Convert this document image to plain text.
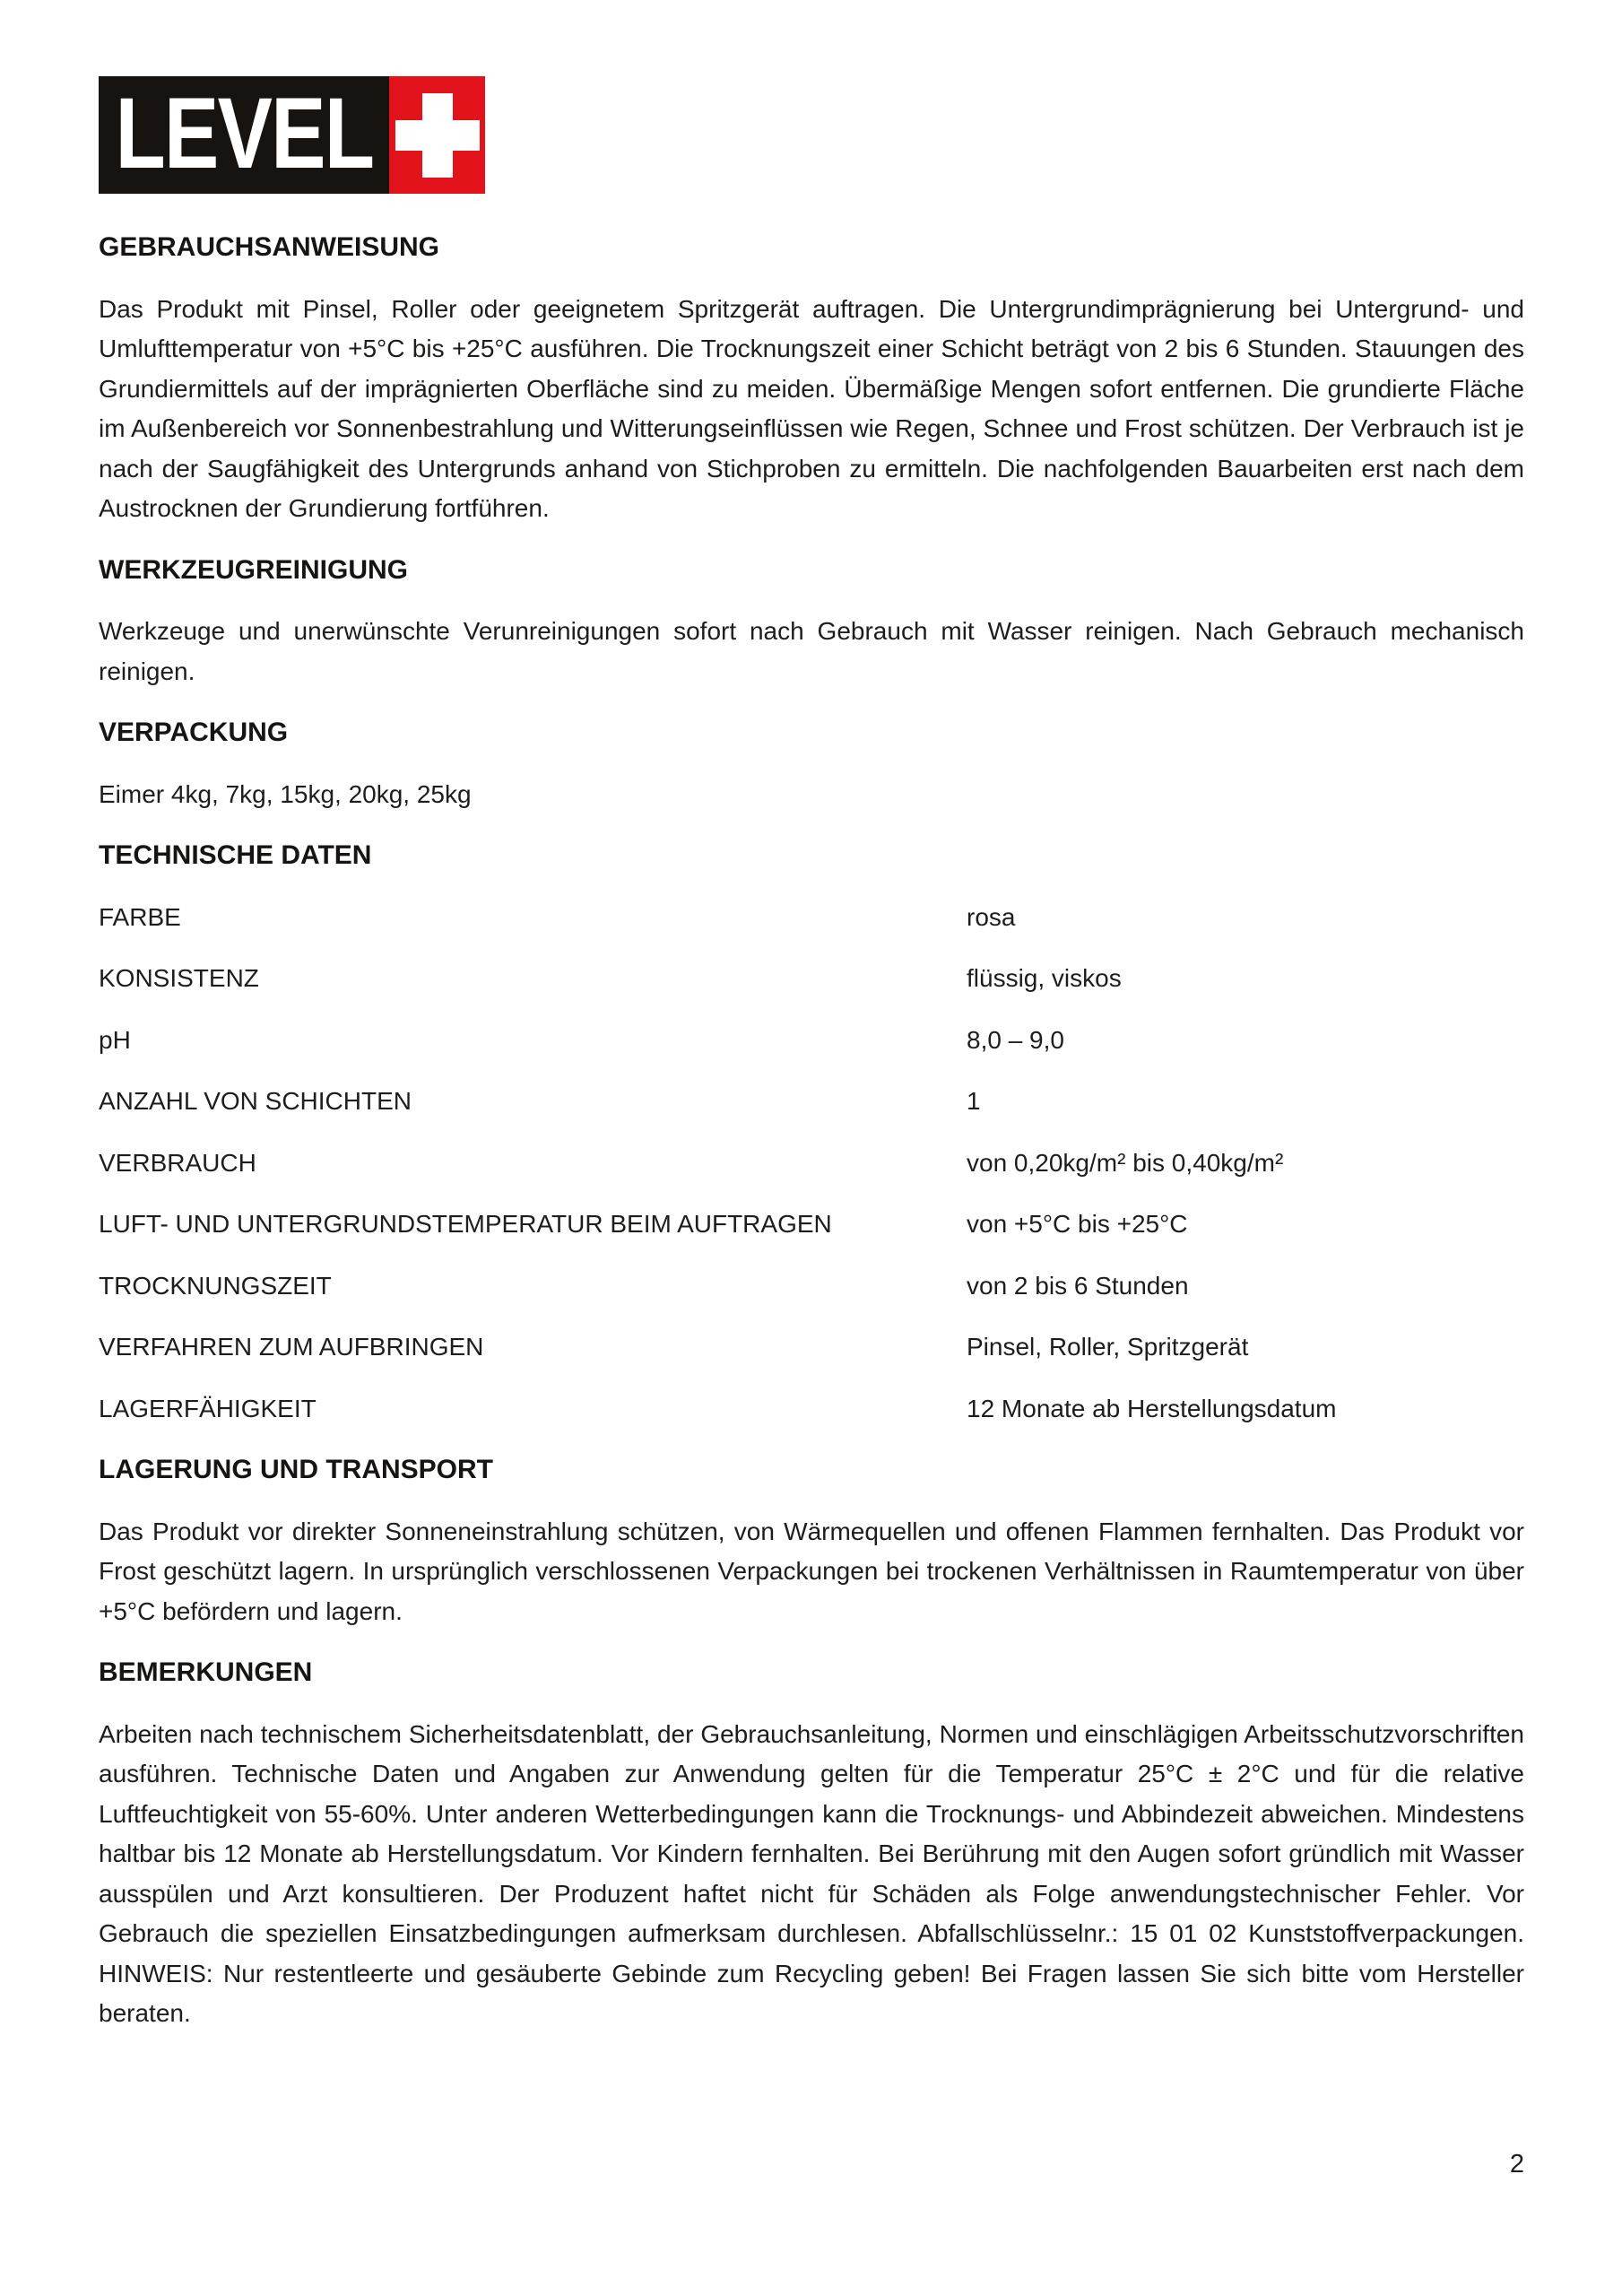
LEVEL
GEBRAUCHSANWEISUNG

Das Produkt mit Pinsel, Roller oder geeignetem Spritzgerät auftragen. Die Untergrundimprägnierung bei Untergrund- und Umlufttemperatur von +5°C bis +25°C ausführen. Die Trocknungszeit einer Schicht beträgt von 2 bis 6 Stunden. Stauungen des Grundiermittels auf der imprägnierten Oberfläche sind zu meiden. Übermäßige Mengen sofort entfernen. Die grundierte Fläche im Außenbereich vor Sonnenbestrahlung und Witterungseinflüssen wie Regen, Schnee und Frost schützen. Der Verbrauch ist je nach der Saugfähigkeit des Untergrunds anhand von Stichproben zu ermitteln. Die nachfolgenden Bauarbeiten erst nach dem Austrocknen der Grundierung fortführen.

WERKZEUGREINIGUNG

Werkzeuge und unerwünschte Verunreinigungen sofort nach Gebrauch mit Wasser reinigen. Nach Gebrauch mechanisch reinigen.

VERPACKUNG

Eimer 4kg, 7kg, 15kg, 20kg, 25kg

TECHNISCHE DATEN
FARBE	rosa
KONSISTENZ	flüssig, viskos
pH	8,0 – 9,0
ANZAHL VON SCHICHTEN	1
VERBRAUCH	von 0,20kg/m² bis 0,40kg/m²
LUFT- UND UNTERGRUNDSTEMPERATUR BEIM AUFTRAGEN	von +5°C bis +25°C
TROCKNUNGSZEIT	von 2 bis 6 Stunden
VERFAHREN ZUM AUFBRINGEN	Pinsel, Roller, Spritzgerät
LAGERFÄHIGKEIT	12 Monate ab Herstellungsdatum
LAGERUNG UND TRANSPORT

Das Produkt vor direkter Sonneneinstrahlung schützen, von Wärmequellen und offenen Flammen fernhalten. Das Produkt vor Frost geschützt lagern. In ursprünglich verschlossenen Verpackungen bei trockenen Verhältnissen in Raumtemperatur von über +5°C befördern und lagern.

BEMERKUNGEN

Arbeiten nach technischem Sicherheitsdatenblatt, der Gebrauchsanleitung, Normen und einschlägigen Arbeitsschutzvorschriften ausführen. Technische Daten und Angaben zur Anwendung gelten für die Temperatur 25°C ± 2°C und für die relative Luftfeuchtigkeit von 55-60%. Unter anderen Wetterbedingungen kann die Trocknungs- und Abbindezeit abweichen. Mindestens haltbar bis 12 Monate ab Herstellungsdatum. Vor Kindern fernhalten. Bei Berührung mit den Augen sofort gründlich mit Wasser ausspülen und Arzt konsultieren. Der Produzent haftet nicht für Schäden als Folge anwendungstechnischer Fehler. Vor Gebrauch die speziellen Einsatzbedingungen aufmerksam durchlesen. Abfallschlüsselnr.: 15 01 02 Kunststoffverpackungen. HINWEIS: Nur restentleerte und gesäuberte Gebinde zum Recycling geben! Bei Fragen lassen Sie sich bitte vom Hersteller beraten.

2
